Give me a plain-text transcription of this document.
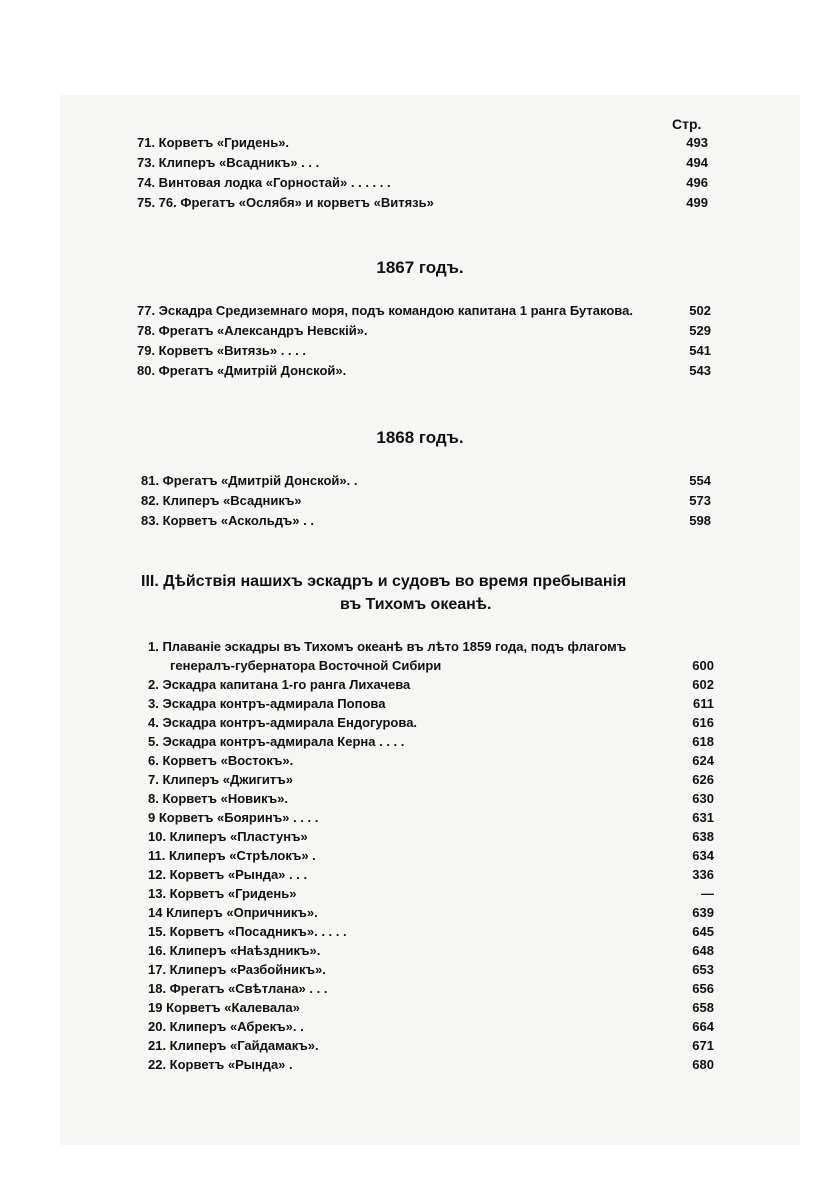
Стр.
71. Корветъ «Гридень».	493
73. Клиперъ «Всадникъ» . . .	494
74. Винтовая лодка «Горностай» . . . . . .	496
75. 76. Фрегатъ «Ослябя» и корветъ «Витязь»	499
1867 годъ.
77. Эскадра Средиземнаго моря, подъ командою капитана 1 ранга Бутакова.	502
78. Фрегатъ «Александръ Невскій».	529
79. Корветъ «Витязь» . . . .	541
80. Фрегатъ «Дмитрій Донской».	543
1868 годъ.
81. Фрегатъ «Дмитрій Донской». .	554
82. Клиперъ «Всадникъ»	573
83. Корветъ «Аскольдъ» . .	598
III. Дѣйствія нашихъ эскадръ и судовъ во время пребыванія
въ Тихомъ океанѣ.
1. Плаваніе эскадры въ Тихомъ океанѣ въ лѣто 1859 года, подъ флагомъ
генералъ-губернатора Восточной Сибири	600
2. Эскадра капитана 1-го ранга Лихачева	602
3. Эскадра контръ-адмирала Попова	611
4. Эскадра контръ-адмирала Ендогурова.	616
5. Эскадра контръ-адмирала Керна . . . .	618
6. Корветъ «Востокъ».	624
7. Клиперъ «Джигитъ»	626
8. Корветъ «Новикъ».	630
9 Корветъ «Бояринъ» . . . .	631
10. Клиперъ «Пластунъ»	638
11. Клиперъ «Стрѣлокъ» .	634
12. Корветъ «Рында» . . .	336
13. Корветъ «Гридень»	—
14 Клиперъ «Опричникъ».	639
15. Корветъ «Посадникъ». . . . .	645
16. Клиперъ «Наѣздникъ».	648
17. Клиперъ «Разбойникъ».	653
18. Фрегатъ «Свѣтлана» . . .	656
19 Корветъ «Калевала»	658
20. Клиперъ «Абрекъ». .	664
21. Клиперъ «Гайдамакъ».	671
22. Корветъ «Рында» .	680
